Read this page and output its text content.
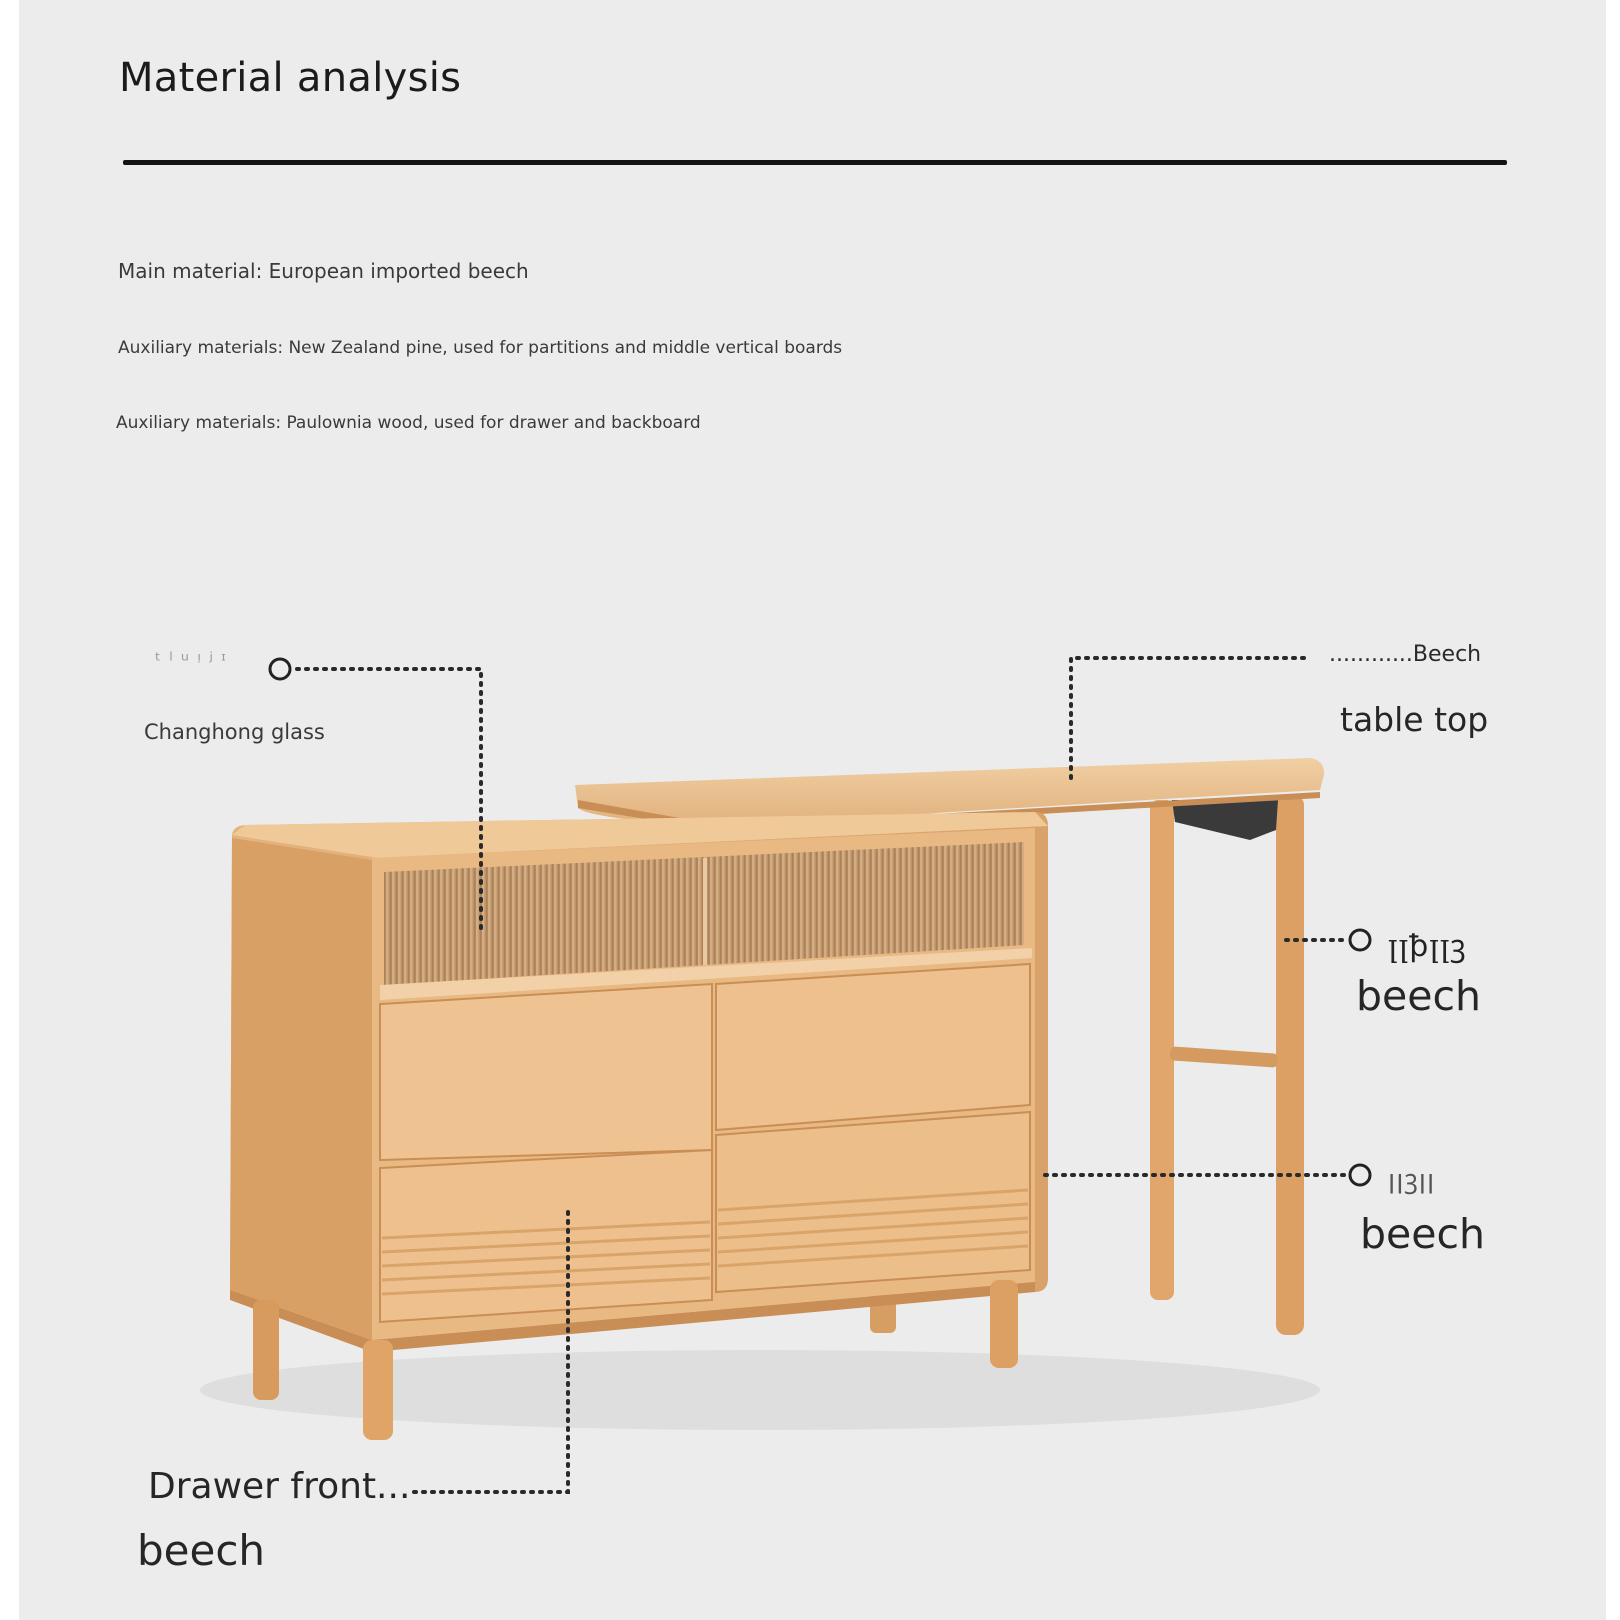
Material analysis
Main material: European imported beech
Auxiliary materials: New Zealand pine, used for partitions and middle vertical boards
Auxiliary materials: Paulownia wood, used for drawer and backboard
ᵗ ˡ ᵘ ᵎ ʲ ᶦ
ꞁꞁꝥꞁꞁꝫ
ꞁꞁꝫꞁꞁ
Changhong glass
............Beech
table top
beech
beech
Drawer front...
beech
